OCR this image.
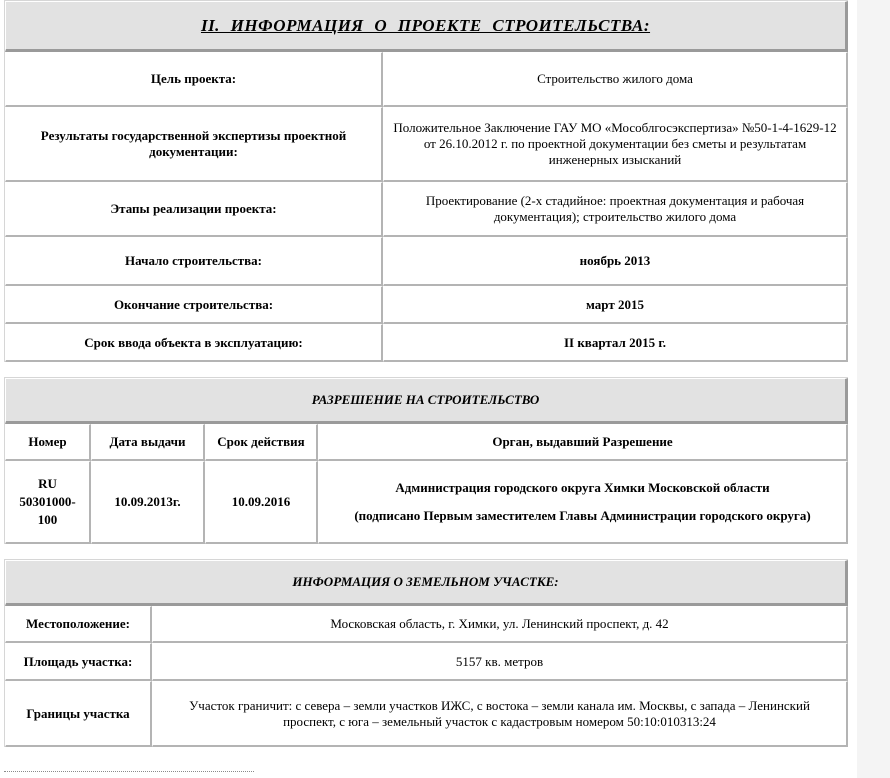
II. ИНФОРМАЦИЯ О ПРОЕКТЕ СТРОИТЕЛЬСТВА:	
Цель проекта:	Строительство жилого дома
Результаты государственной экспертизы проектной документации:	Положительное Заключение ГАУ МО «Мособлгосэкспертиза» №50-1-4-1629-12 от 26.10.2012 г. по проектной документации без сметы и результатам инженерных изысканий
Этапы реализации проекта:	Проектирование (2-х стадийное: проектная документация и рабочая документация); строительство жилого дома
Начало строительства:	ноябрь 2013
Окончание строительства:	март 2015
Срок ввода объекта в эксплуатацию:	II квартал 2015 г.
РАЗРЕШЕНИЕ НА СТРОИТЕЛЬСТВО			
Номер	Дата выдачи	Срок действия	Орган, выдавший Разрешение
RU 50301000-100	10.09.2013г.	10.09.2016	Администрация городского округа Химки Московской области

(подписано Первым заместителем Главы Администрации городского округа)

ИНФОРМАЦИЯ О ЗЕМЕЛЬНОМ УЧАСТКЕ:	
Местоположение:	Московская область, г. Химки, ул. Ленинский проспект, д. 42
Площадь участка:	5157 кв. метров
Границы участка	Участок граничит: с севера – земли участков ИЖС, с востока – земли канала им. Москвы, с запада – Ленинский проспект, с юга – земельный участок с кадастровым номером 50:10:010313:24
